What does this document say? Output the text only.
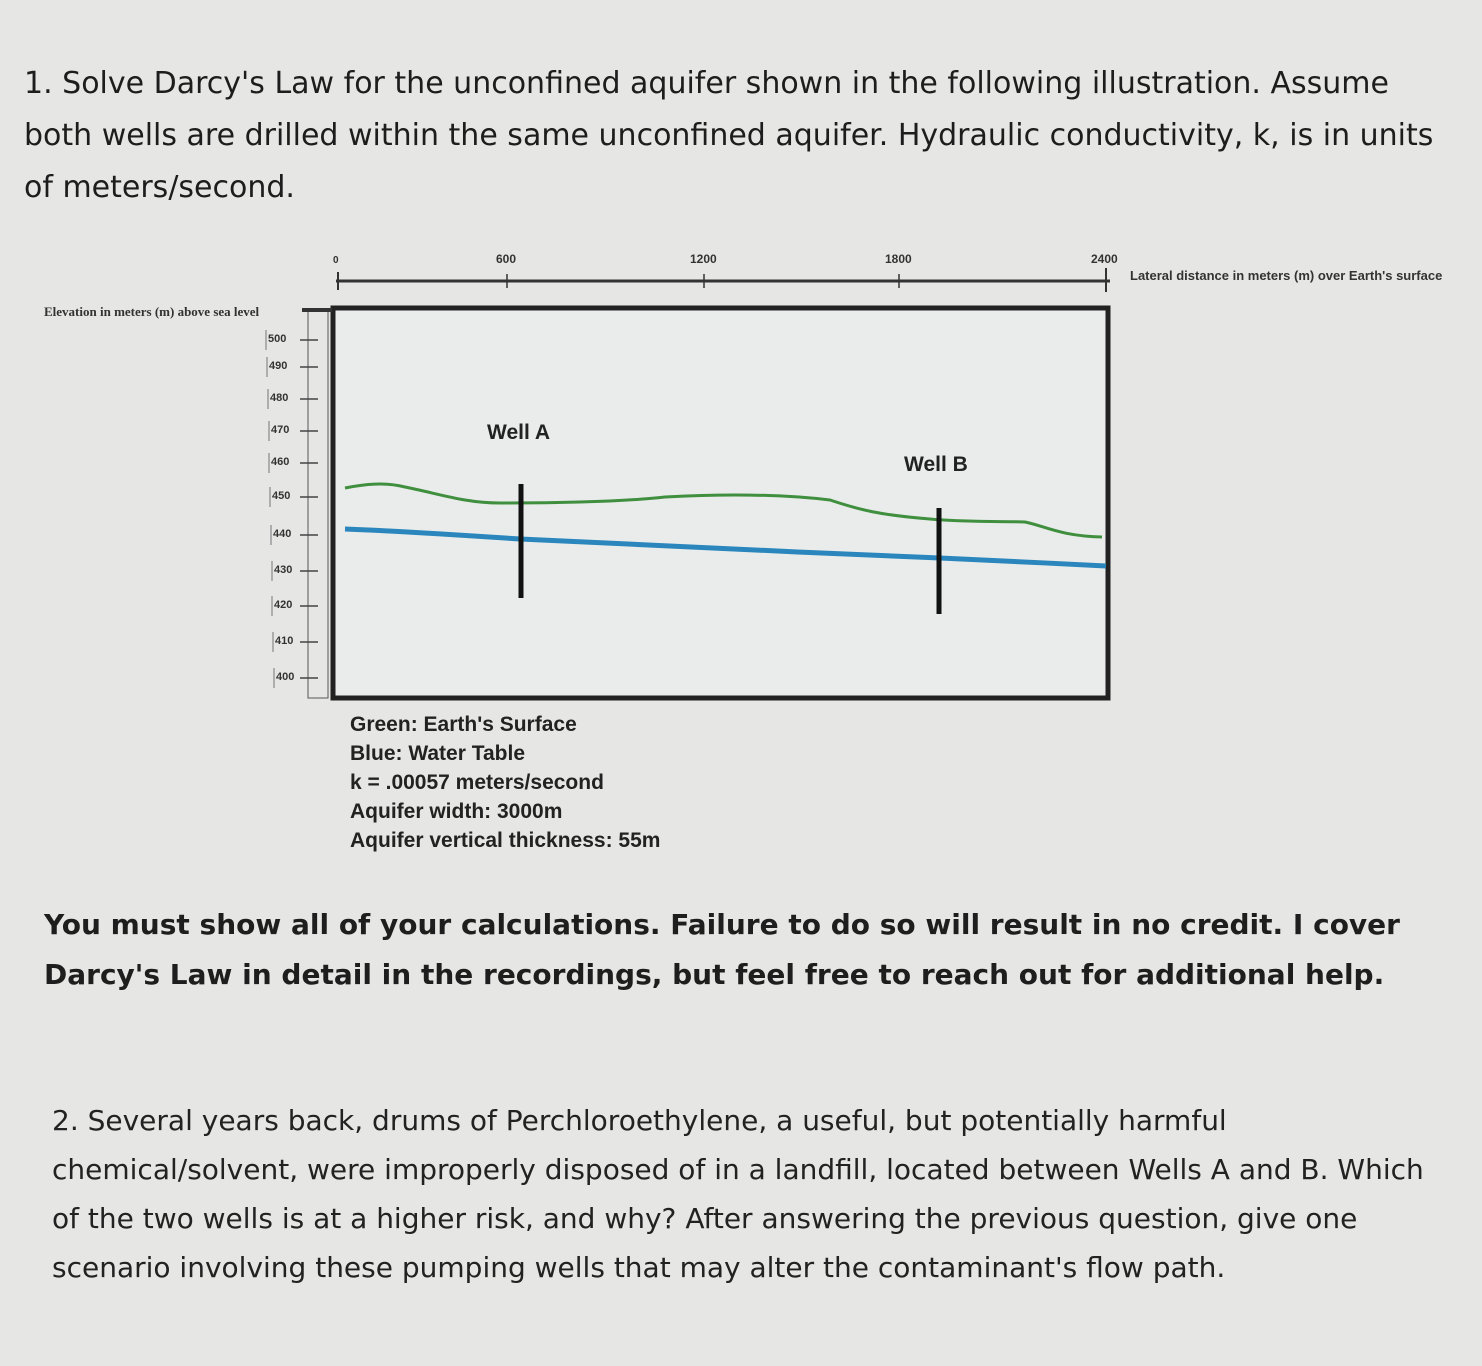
1. Solve Darcy's Law for the unconfined aquifer shown in the following illustration. Assume both wells are drilled within the same unconfined aquifer. Hydraulic conductivity, k, is in units of meters/second.

0	600	1200	1800	2400
Lateral distance in meters (m) over Earth's surface
Elevation in meters (m) above sea level
500
490
480
470
460
450
440
430
420
410
400
Well A
Well B
Green: Earth's Surface
Blue: Water Table
k = .00057 meters/second
Aquifer width: 3000m
Aquifer vertical thickness: 55m

You must show all of your calculations. Failure to do so will result in no credit. I cover Darcy's Law in detail in the recordings, but feel free to reach out for additional help.

2. Several years back, drums of Perchloroethylene, a useful, but potentially harmful chemical/solvent, were improperly disposed of in a landfill, located between Wells A and B. Which of the two wells is at a higher risk, and why? After answering the previous question, give one scenario involving these pumping wells that may alter the contaminant's flow path.
